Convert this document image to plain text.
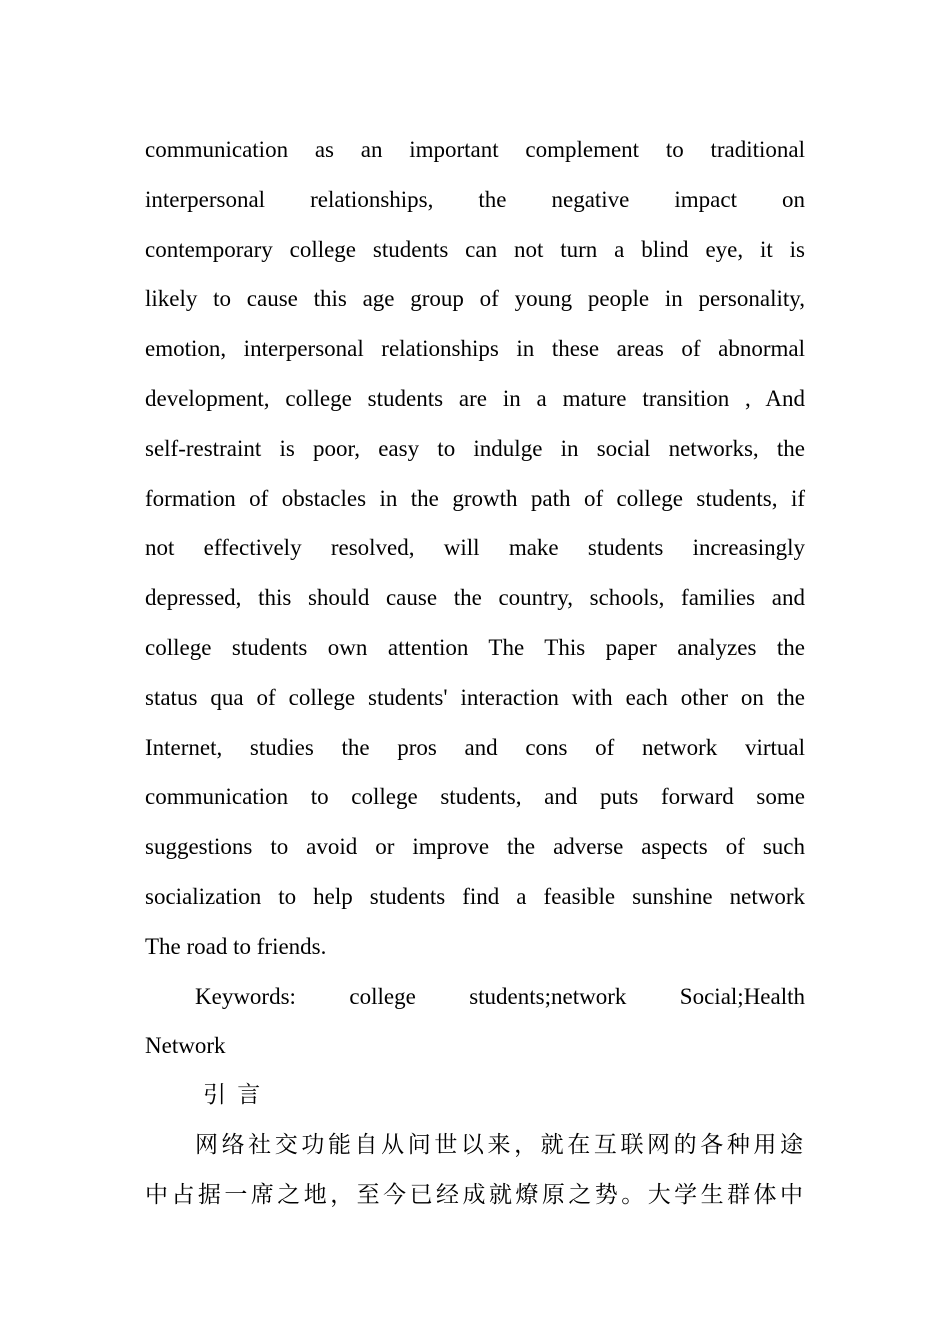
communication as an important complement to traditional
interpersonal relationships, the negative impact on
contemporary college students can not turn a blind eye, it is
likely to cause this age group of young people in personality,
emotion, interpersonal relationships in these areas of abnormal
development, college students are in a mature transition , And
self-restraint is poor, easy to indulge in social networks, the
formation of obstacles in the growth path of college students, if
not effectively resolved, will make students increasingly
depressed, this should cause the country, schools, families and
college students own attention The This paper analyzes the
status qua of college students' interaction with each other on the
Internet, studies the pros and cons of network virtual
communication to college students, and puts forward some
suggestions to avoid or improve the adverse aspects of such
socialization to help students find a feasible sunshine network
The road to friends.
Keywords: college students;network Social;Health
Network
引 言
网络社交功能自从问世以来，就在互联网的各种用途
中占据一席之地，至今已经成就燎原之势。大学生群体中
